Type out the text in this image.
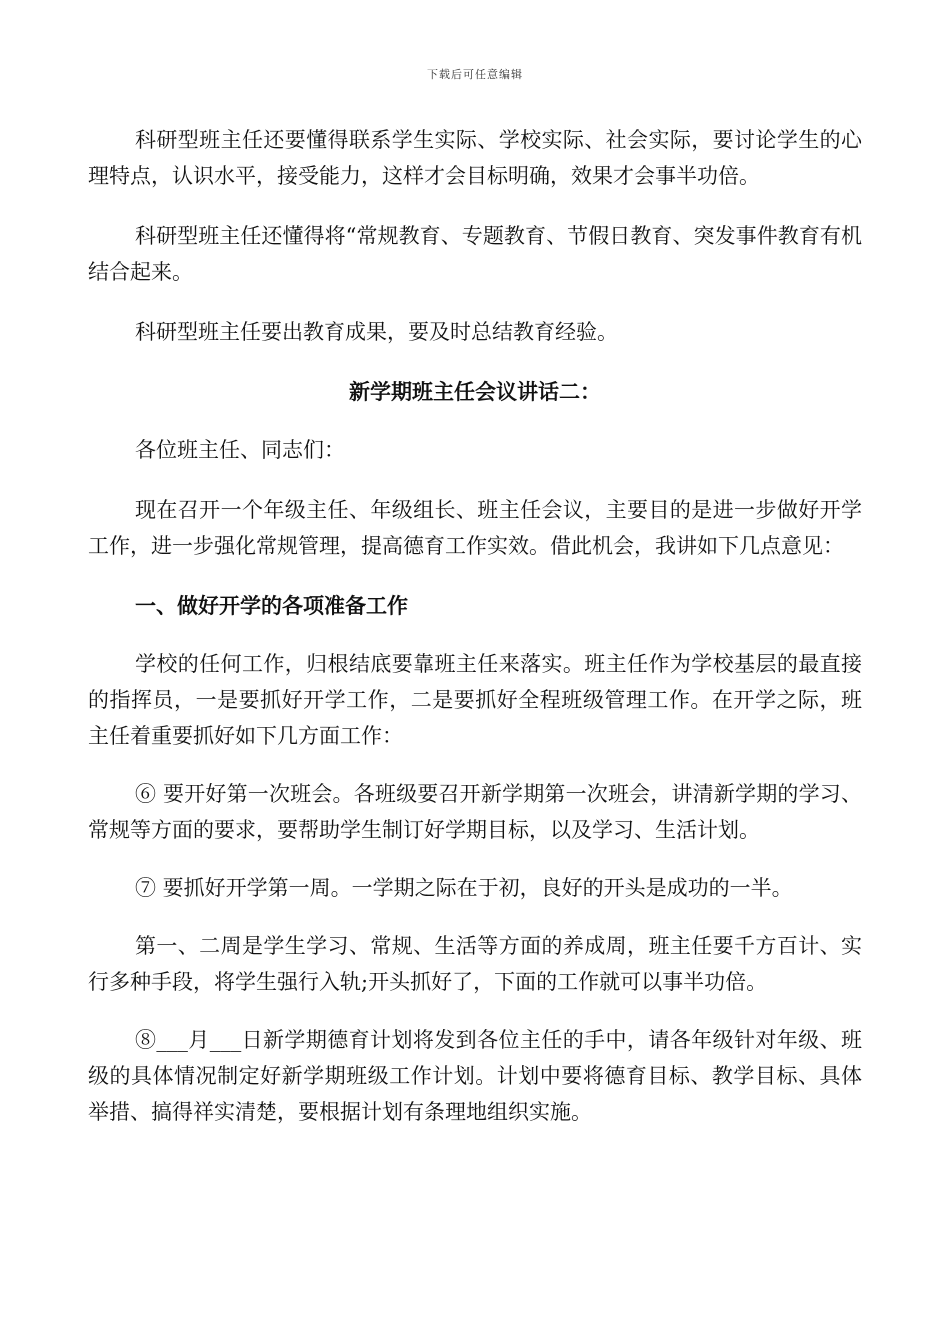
下载后可任意编辑

科研型班主任还要懂得联系学生实际、学校实际、社会实际，要讨论学生的心理特点，认识水平，接受能力，这样才会目标明确，效果才会事半功倍。

科研型班主任还懂得将“常规教育、专题教育、节假日教育、突发事件教育有机结合起来。

科研型班主任要出教育成果，要及时总结教育经验。

新学期班主任会议讲话二：

各位班主任、同志们：

现在召开一个年级主任、年级组长、班主任会议，主要目的是进一步做好开学工作，进一步强化常规管理，提高德育工作实效。借此机会，我讲如下几点意见：

一、做好开学的各项准备工作

学校的任何工作，归根结底要靠班主任来落实。班主任作为学校基层的最直接的指挥员，一是要抓好开学工作，二是要抓好全程班级管理工作。在开学之际，班主任着重要抓好如下几方面工作：

⑥ 要开好第一次班会。各班级要召开新学期第一次班会，讲清新学期的学习、常规等方面的要求，要帮助学生制订好学期目标，以及学习、生活计划。

⑦ 要抓好开学第一周。一学期之际在于初，良好的开头是成功的一半。

第一、二周是学生学习、常规、生活等方面的养成周，班主任要千方百计、实行多种手段，将学生强行入轨;开头抓好了，下面的工作就可以事半功倍。

⑧___月___日新学期德育计划将发到各位主任的手中，请各年级针对年级、班级的具体情况制定好新学期班级工作计划。计划中要将德育目标、教学目标、具体举措、搞得祥实清楚，要根据计划有条理地组织实施。
